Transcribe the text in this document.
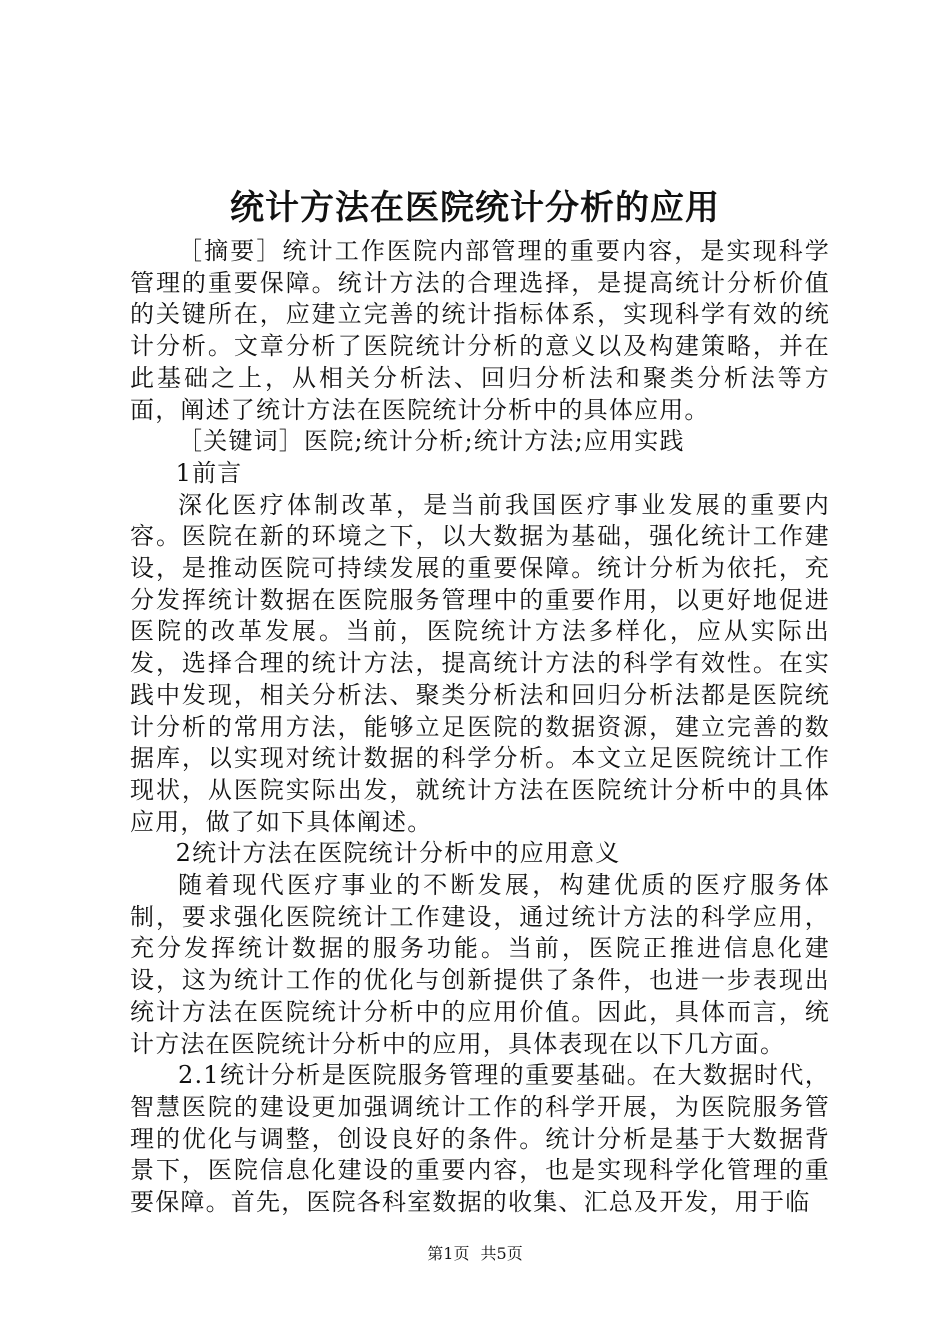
统计方法在医院统计分析的应用

［摘要］统计工作医院内部管理的重要内容，是实现科学管理的重要保障。统计方法的合理选择，是提高统计分析价值的关键所在，应建立完善的统计指标体系，实现科学有效的统计分析。文章分析了医院统计分析的意义以及构建策略，并在此基础之上，从相关分析法、回归分析法和聚类分析法等方面，阐述了统计方法在医院统计分析中的具体应用。

［关键词］医院;统计分析;统计方法;应用实践

1前言

深化医疗体制改革，是当前我国医疗事业发展的重要内容。医院在新的环境之下，以大数据为基础，强化统计工作建设，是推动医院可持续发展的重要保障。统计分析为依托，充分发挥统计数据在医院服务管理中的重要作用，以更好地促进医院的改革发展。当前，医院统计方法多样化，应从实际出发，选择合理的统计方法，提高统计方法的科学有效性。在实践中发现，相关分析法、聚类分析法和回归分析法都是医院统计分析的常用方法，能够立足医院的数据资源，建立完善的数据库，以实现对统计数据的科学分析。本文立足医院统计工作现状，从医院实际出发，就统计方法在医院统计分析中的具体应用，做了如下具体阐述。

2统计方法在医院统计分析中的应用意义

随着现代医疗事业的不断发展，构建优质的医疗服务体制，要求强化医院统计工作建设，通过统计方法的科学应用，充分发挥统计数据的服务功能。当前，医院正推进信息化建设，这为统计工作的优化与创新提供了条件，也进一步表现出统计方法在医院统计分析中的应用价值。因此，具体而言，统计方法在医院统计分析中的应用，具体表现在以下几方面。

2.1统计分析是医院服务管理的重要基础。在大数据时代，智慧医院的建设更加强调统计工作的科学开展，为医院服务管理的优化与调整，创设良好的条件。统计分析是基于大数据背景下，医院信息化建设的重要内容，也是实现科学化管理的重要保障。首先，医院各科室数据的收集、汇总及开发，用于临

第1页 共5页
